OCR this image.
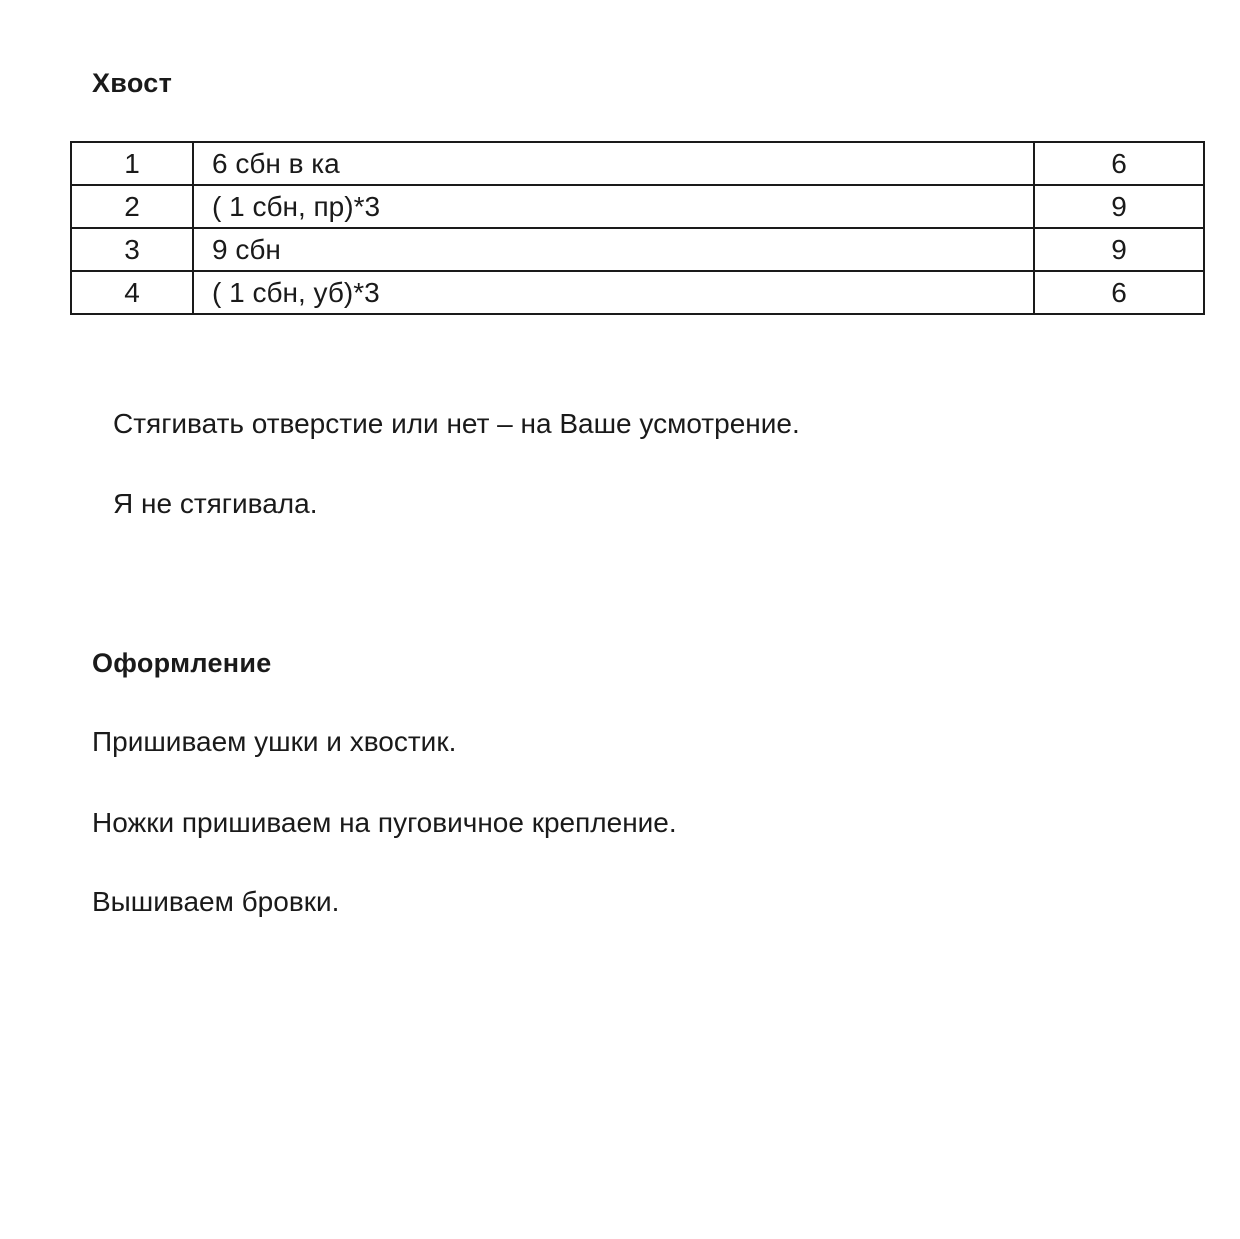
Хвост
1	6 сбн в ка	6
2	( 1 сбн, пр)*3	9
3	9 сбн	9
4	( 1 сбн, уб)*3	6
Стягивать отверстие или нет – на Ваше усмотрение.
Я не стягивала.
Оформление
Пришиваем ушки и хвостик.
Ножки пришиваем на пуговичное крепление.
Вышиваем бровки.
